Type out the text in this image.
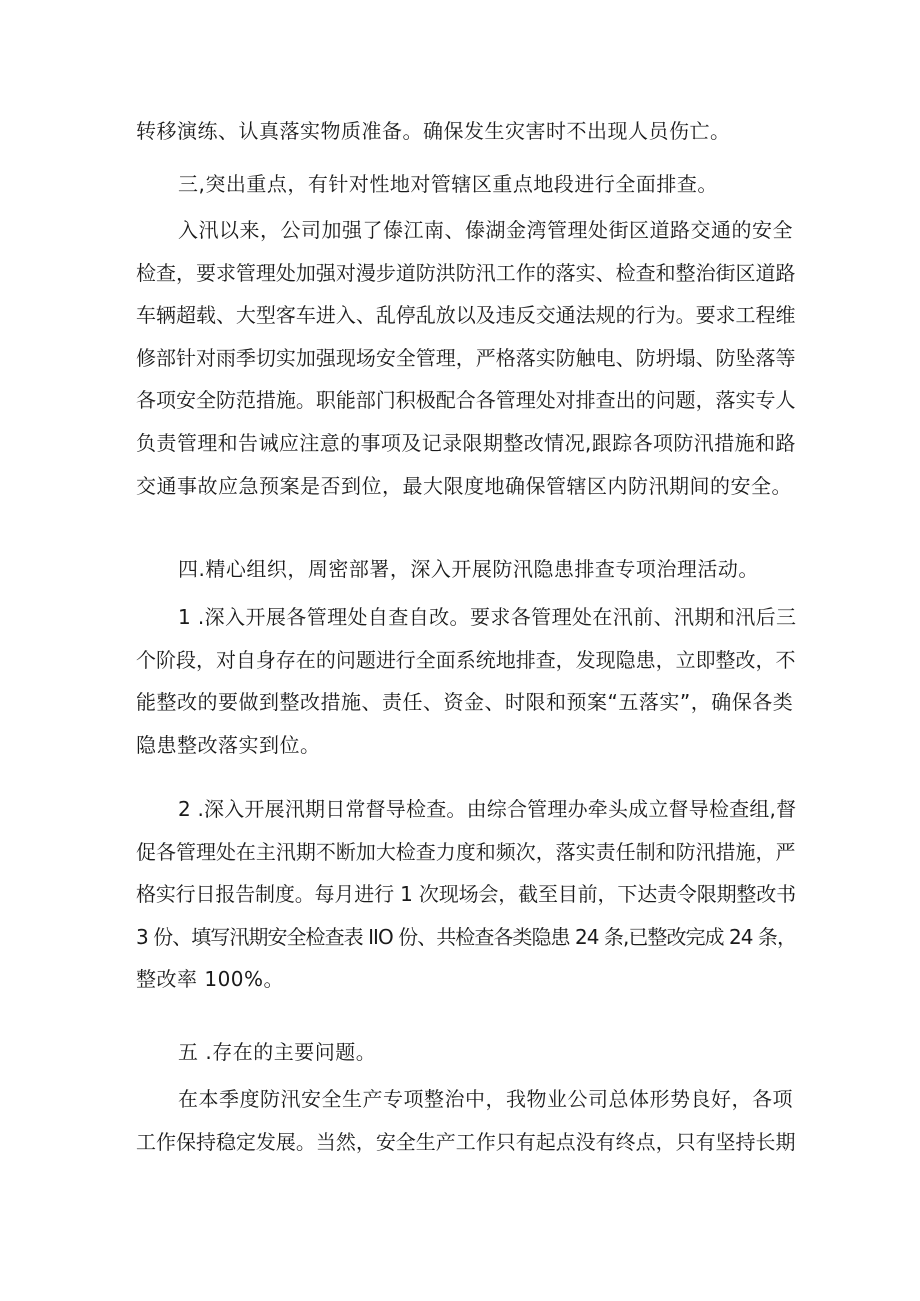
转移演练、认真落实物质准备。确保发生灾害时不出现人员伤亡。
三,突出重点，有针对性地对管辖区重点地段进行全面排查。
入汛以来，公司加强了傣江南、傣湖金湾管理处街区道路交通的安全
检查，要求管理处加强对漫步道防洪防汛工作的落实、检查和整治街区道路
车辆超载、大型客车进入、乱停乱放以及违反交通法规的行为。要求工程维
修部针对雨季切实加强现场安全管理，严格落实防触电、防坍塌、防坠落等
各项安全防范措施。职能部门积极配合各管理处对排查出的问题，落实专人
负责管理和告诫应注意的事项及记录限期整改情况,跟踪各项防汛措施和路
交通事故应急预案是否到位，最大限度地确保管辖区内防汛期间的安全。
四.精心组织，周密部署，深入开展防汛隐患排查专项治理活动。
1 .深入开展各管理处自查自改。要求各管理处在汛前、汛期和汛后三
个阶段，对自身存在的问题进行全面系统地排查，发现隐患，立即整改，不
能整改的要做到整改措施、责任、资金、时限和预案“五落实”，确保各类
隐患整改落实到位。
2 .深入开展汛期日常督导检查。由综合管理办牵头成立督导检查组,督
促各管理处在主汛期不断加大检查力度和频次，落实责任制和防汛措施，严
格实行日报告制度。每月进行 1 次现场会，截至目前，下达责令限期整改书
3 份、填写汛期安全检查表 IIO 份、共检查各类隐患 24 条,已整改完成 24 条，
整改率 100%。
五 .存在的主要问题。
在本季度防汛安全生产专项整治中，我物业公司总体形势良好，各项
工作保持稳定发展。当然，安全生产工作只有起点没有终点，只有坚持长期
